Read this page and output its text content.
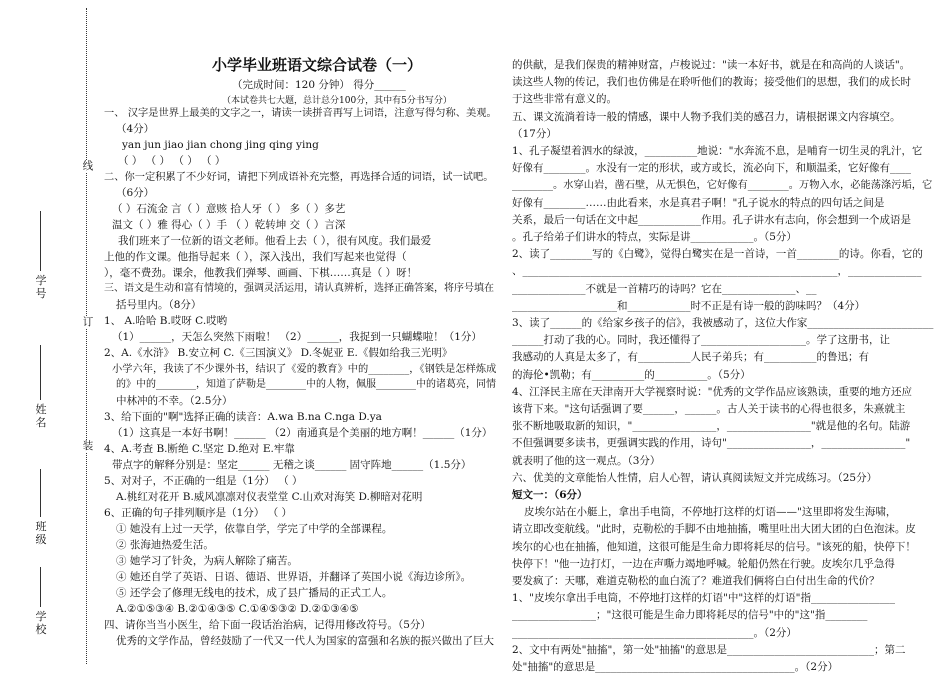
线
订
装
学号
姓名
班级
学校
小学毕业班语文综合试卷（一）
（完成时间：120 分钟） 得分______
（本试卷共七大题，总计总分100分，其中有5分书写分）
一、 汉字是世界上最美的文字之一，请读一读拼音再写上词语，注意写得匀称、美观。
（4分）
yan jun jiao jian chong jing qing ying
（ ） （ ） （ ） （ ）
二、你一定积累了不少好词，请把下列成语补充完整，再选择合适的词语，试一试吧。
（6分）
（ ）石流金 言（ ）意赅 拾人牙（ ） 多（ ）多艺
温文（ ）雅 得心（ ）手 （ ）乾转坤 交（ ）言深
我们班来了一位新的语文老师。他看上去（ ），很有风度。我们最爱
上他的作文课。他指导起来（ ），深入浅出，我们写起来也觉得（
），毫不费劲。课余，他教我们弹琴、画画、下棋……真是（ ）呀！
三、语文是生动和富有情境的，强调灵活运用，请认真辨析，选择正确答案，将序号填在
括号里内。（8分）
1、 A.哈哈 B.哎呀 C.哎哟
（1）______，天怎么突然下雨啦！ （2）______，我捉到一只蝴蝶啦！（1分）
2、A.《水浒》 B.安立柯 C.《三国演义》 D.冬妮亚 E.《假如给我三光明》
小学六年，我读了不少课外书，结识了《爱的教育》中的________，《钢铁是怎样炼成
的》中的________，知道了萨勒是________中的人物，佩服________中的诸葛亮，同情
中林冲的不幸。（2.5分）
3、给下面的"啊"选择正确的读音：A.wa B.na C.nga D.ya
（1）这真是一本好书啊！______ （2）南通真是个美丽的地方啊！______（1分）
4、A.考查 B.断绝 C.坚定 D.绝对 E.牢靠
带点字的解释分别是：坚定______ 无稽之谈______ 固守阵地______（1.5分）
5、对对子，不正确的一组是（1分） （ ）
A.桃红对花开 B.威风凛凛对仪表堂堂 C.山欢对海笑 D.柳暗对花明
6、正确的句子排列顺序是（1分） （ ）
① 她没有上过一天学，依靠自学，学完了中学的全部课程。
② 张海迪热爱生活。
③ 她学习了针灸，为病人解除了痛苦。
④ 她还自学了英语、日语、德语、世界语，并翻译了英国小说《海边诊所》。
⑤ 还学会了修理无线电的技术，成了县广播局的正式工人。
A.②①⑤③④ B.②①④③⑤ C.①④⑤③② D.②①③④⑤
四、请你当当小医生，给下面一段话治治病，记得用修改符号。（5分）
优秀的文学作品，曾经鼓励了一代又一代人为国家的富强和名族的振兴做出了巨大
的供献，是我们保贵的精神财富，卢梭说过："读一本好书，就是在和高尚的人谈话"。
读这些人物的传记，我们也仿佛是在聆听他们的教诲；接受他们的思想，我们的成长时
于这些非常有意义的。
五、课文流淌着诗一般的情感，课中人物予我们美的感召力，请根据课文内容填空。
（17分）
1、孔子凝望着泗水的绿波，__________地说："水奔流不息，是哺育一切生灵的乳汁，它
好像有________。水没有一定的形状，或方或长，流必向下，和顺温柔，它好像有____
________。水穿山岩，凿石壁，从无惧色，它好像有________。万物入水，必能荡涤污垢，它
好像有________……由此看来，水是真君子啊！"孔子说水的特点的四句话之间是
关系，最后一句话在文中起____________作用。孔子讲水有志向，你会想到一个成语是
。孔子给弟子们讲水的特点，实际是讲____________。（5分）
2、读了________写的《白鹭》，觉得白鹭实在是一首诗，一首________的诗。你看，它的
、____________________________________________________________，______________
______________不就是一首精巧的诗吗？它在______________、__
____________________和____________时不正是有诗一般的韵味吗？（4分）
3、读了______的《给家乡孩子的信》，我被感动了，这位大作家________________________
______打动了我的心。同时，我还懂得了____________________。学了这册书，让
我感动的人真是太多了，有__________人民子弟兵；有__________的鲁迅；有
的海伦•凯勒；有__________的__________。（5分）
4、江泽民主席在天津南开大学视察时说："优秀的文学作品应该熟读，重要的地方还应
该背下来。"这句话强调了要______，______。古人关于读书的心得也很多，朱熹就主
张不断地吸取新的知识，"________________，________________"就是他的名句。陆游
不但强调要多读书，更强调实践的作用，诗句"________________，________________"
就表明了他的这一观点。（3分）
六、优美的文章能怡人性情，启人心智，请认真阅读短文并完成练习。（25分）
短文一：（6分）
皮埃尔站在小艇上，拿出手电筒，不停地打这样的灯语——"这里即将发生海啸，
请立即改变航线。"此时，克勒松的手脚不由地抽搐，嘴里吐出大团大团的白色泡沫。皮
埃尔的心也在抽搐，他知道，这很可能是生命力即将耗尽的信号。"该死的船，快停下！
快停下！"他一边打灯，一边在声嘶力竭地呼喊。轮船仍然在行驶。皮埃尔几乎急得
要发疯了：天哪，难道克勒松的血白流了？难道我们俩将白白付出生命的代价？
1、"皮埃尔拿出手电筒，不停地打这样的灯语"中"这样的灯语"指________________
________________；"这很可能是生命力即将耗尽的信号"中的"这"指________
______________________________________________。（2分）
2、文中有两处"抽搐"，第一处"抽搐"的意思是____________________________；第二
处"抽搐"的意思是______________________________________。（2分）
